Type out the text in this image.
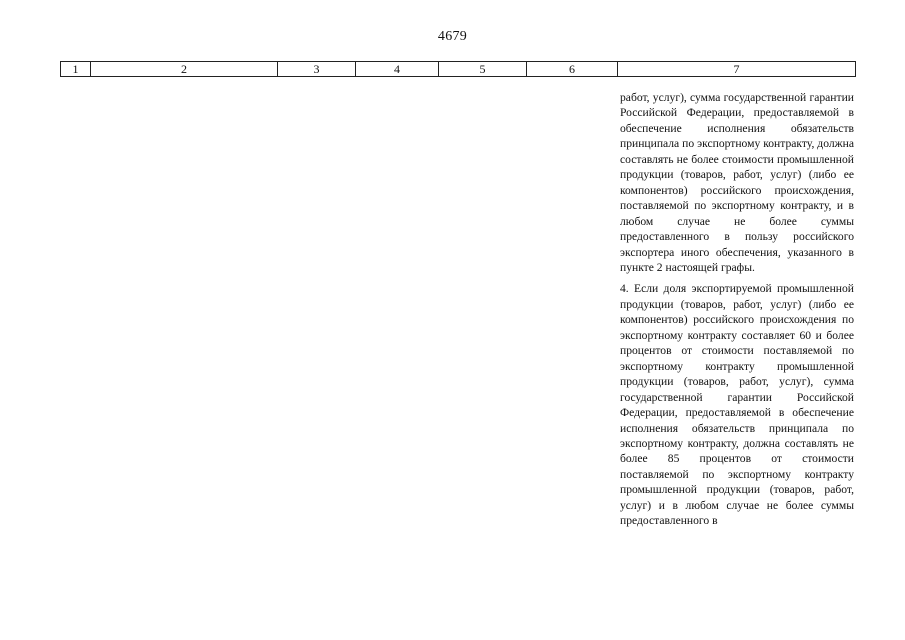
4679
1	2	3	4	5	6	7

работ, услуг), сумма государственной гарантии Российской Федерации, предоставляемой в обеспечение исполнения обязательств принципала по экспортному контракту, должна составлять не более стоимости промышленной продукции (товаров, работ, услуг) (либо ее компонентов) российского происхождения, поставляемой по экспортному контракту, и в любом случае не более суммы предоставленного в пользу российского экспортера иного обеспечения, указанного в пункте 2 настоящей графы.

4. Если доля экспортируемой промышленной продукции (товаров, работ, услуг) (либо ее компонентов) российского происхождения по экспортному контракту составляет 60 и более процентов от стоимости поставляемой по экспортному контракту промышленной продукции (товаров, работ, услуг), сумма государственной гарантии Российской Федерации, предоставляемой в обеспечение исполнения обязательств принципала по экспортному контракту, должна составлять не более 85 процентов от стоимости поставляемой по экспортному контракту промышленной продукции (товаров, работ, услуг) и в любом случае не более суммы предоставленного в
